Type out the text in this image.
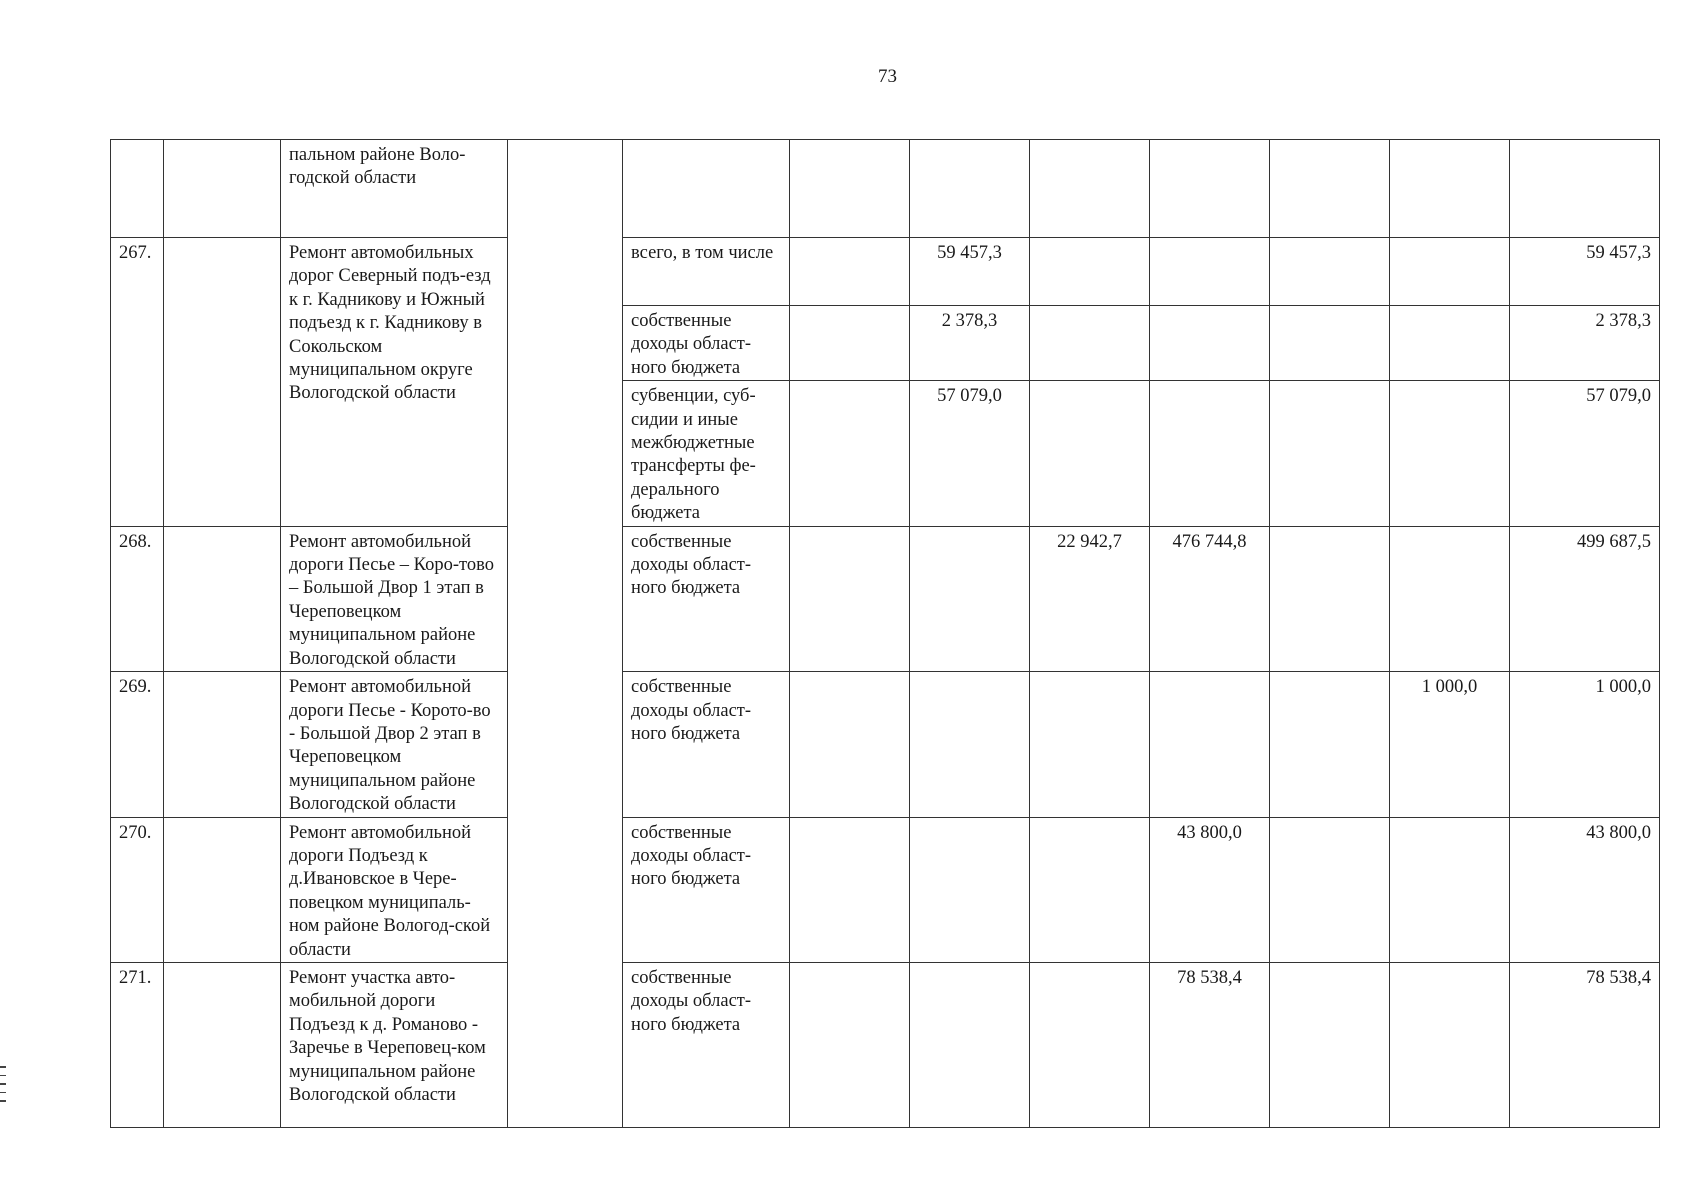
73
		пальном районе Воло-годской области									
267.		Ремонт автомобильных дорог Северный подъ-езд к г. Кадникову и Южный подъезд к г. Кадникову в Сокольском муниципальном округе Вологодской области		всего, в том числе		59 457,3					59 457,3
				собственные доходы област-ного бюджета		2 378,3					2 378,3
				субвенции, суб-сидии и иные межбюджетные трансферты фе-дерального бюджета		57 079,0					57 079,0
268.		Ремонт автомобильной дороги Песье – Коро-тово – Большой Двор 1 этап в Череповецком муниципальном районе Вологодской области		собственные доходы област-ного бюджета			22 942,7	476 744,8			499 687,5
269.		Ремонт автомобильной дороги Песье - Корото-во - Большой Двор 2 этап в Череповецком муниципальном районе Вологодской области		собственные доходы област-ного бюджета						1 000,0	1 000,0
270.		Ремонт автомобильной дороги Подъезд к д.Ивановское в Чере-повецком муниципаль-ном районе Вологод-ской области		собственные доходы област-ного бюджета				43 800,0			43 800,0
271.		Ремонт участка авто-мобильной дороги Подъезд к д. Романово - Заречье в Череповец-ком муниципальном районе Вологодской области		собственные доходы област-ного бюджета				78 538,4			78 538,4
